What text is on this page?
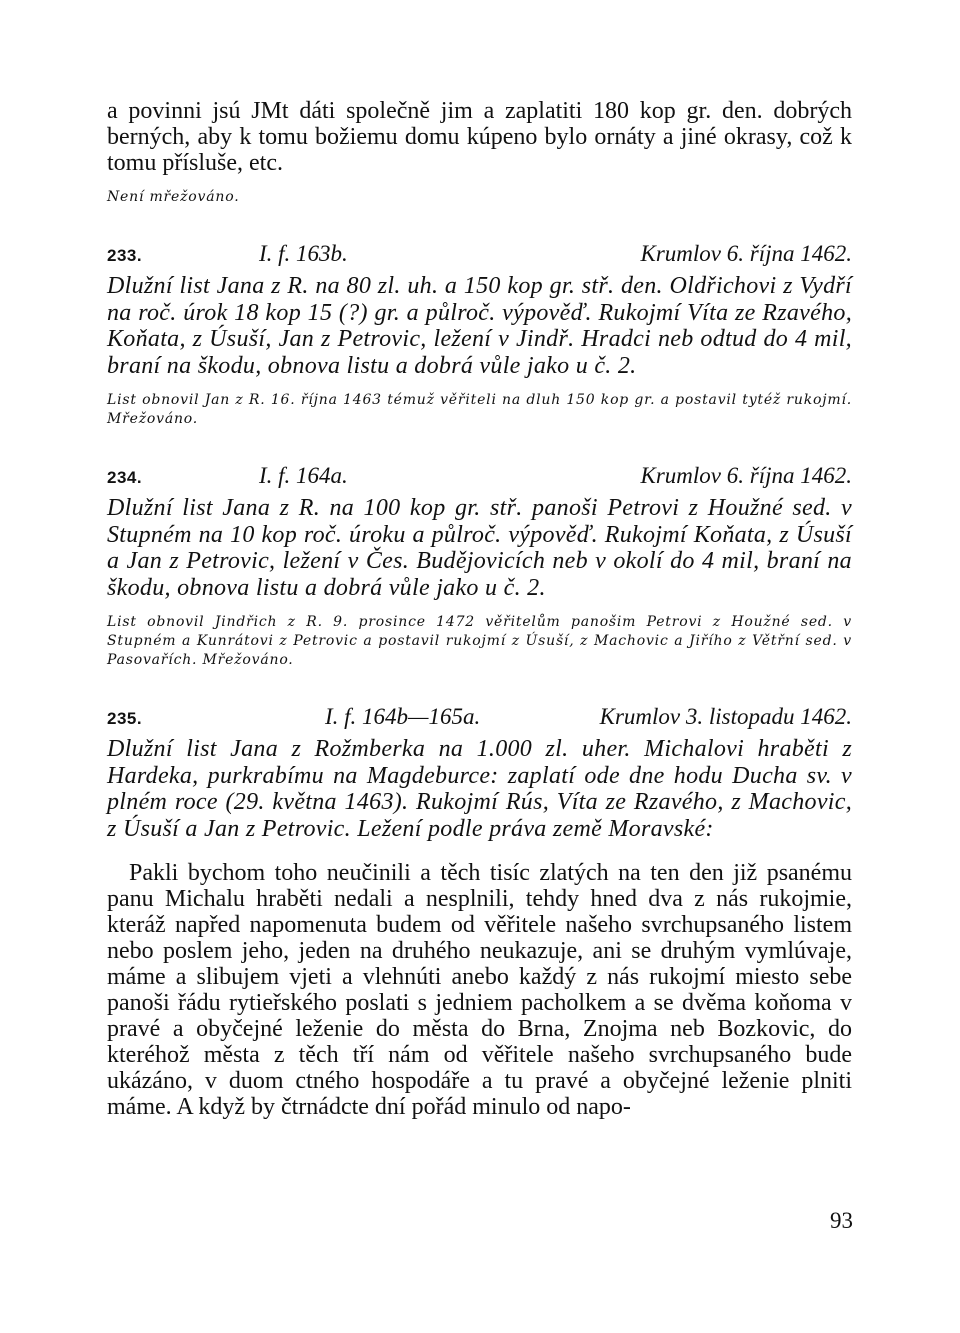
a povinni jsú JMt dáti společně jim a zaplatiti 180 kop gr. den. dobrých berných, aby k tomu božiemu domu kúpeno bylo ornáty a jiné okrasy, což k tomu přísluše, etc.

Není mřežováno.

233.	I. f. 163b.	Krumlov 6. října 1462.

Dlužní list Jana z R. na 80 zl. uh. a 150 kop gr. stř. den. Oldřichovi z Vydří na roč. úrok 18 kop 15 (?) gr. a půlroč. výpověď. Rukojmí Víta ze Rzavého, Koňata, z Úsuší, Jan z Petrovic, ležení v Jindř. Hradci neb odtud do 4 mil, braní na škodu, obnova listu a dobrá vůle jako u č. 2.

List obnovil Jan z R. 16. října 1463 témuž věřiteli na dluh 150 kop gr. a postavil tytéž rukojmí. Mřežováno.

234.	I. f. 164a.	Krumlov 6. října 1462.

Dlužní list Jana z R. na 100 kop gr. stř. panoši Petrovi z Houžné sed. v Stupném na 10 kop roč. úroku a půlroč. výpověď. Rukojmí Koňata, z Úsuší a Jan z Petrovic, ležení v Čes. Budějovicích neb v okolí do 4 mil, braní na škodu, obnova listu a dobrá vůle jako u č. 2.

List obnovil Jindřich z R. 9. prosince 1472 věřitelům panošim Petrovi z Houžné sed. v Stupném a Kunrátovi z Petrovic a postavil rukojmí z Úsuší, z Machovic a Jiřího z Větřní sed. v Pasovařích. Mřežováno.

235.	I. f. 164b—165a.	Krumlov 3. listopadu 1462.

Dlužní list Jana z Rožmberka na 1.000 zl. uher. Michalovi hraběti z Hardeka, purkrabímu na Magdeburce: zaplatí ode dne hodu Ducha sv. v plném roce (29. května 1463). Rukojmí Rús, Víta ze Rzavého, z Machovic, z Úsuší a Jan z Petrovic. Ležení podle práva země Moravské:

Pakli bychom toho neučinili a těch tisíc zlatých na ten den již psanému panu Michalu hraběti nedali a nesplnili, tehdy hned dva z nás rukojmie, kteráž napřed napomenuta budem od věřitele našeho svrchupsaného listem nebo poslem jeho, jeden na druhého neukazuje, ani se druhým vymlúvaje, máme a slibujem vjeti a vlehnúti anebo každý z nás rukojmí miesto sebe panoši řádu rytieřského poslati s jedniem pacholkem a se dvěma koňoma v pravé a obyčejné leženie do města do Brna, Znojma neb Bozkovic, do kteréhož města z těch tří nám od věřitele našeho svrchupsaného bude ukázáno, v duom ctného hospodáře a tu pravé a obyčejné leženie plniti máme. A když by čtrnádcte dní pořád minulo od napo-

93
